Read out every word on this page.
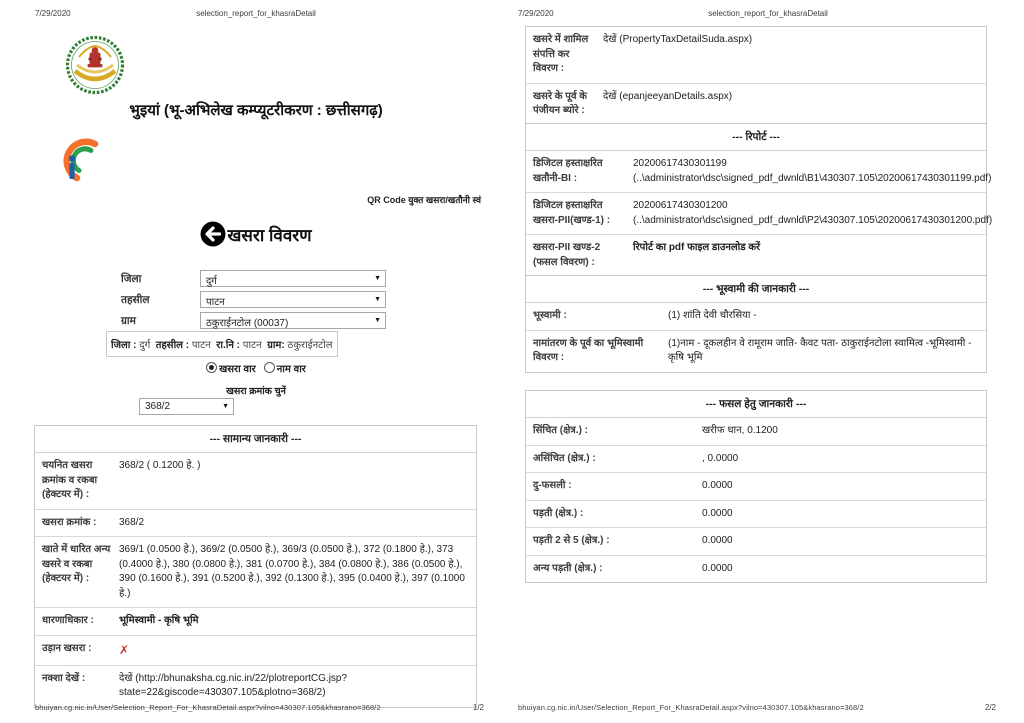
7/29/2020	selection_report_for_khasraDetail
भुइयां (भू-अभिलेख कम्प्यूटरीकरण : छत्तीसगढ़)
QR Code युक्त खसरा/खतौनी स्वं
खसरा विवरण
जिला	दुर्ग	▼
तहसील	पाटन	▼
ग्राम	ठकुराईनटोल (00037)	▼
जिला : दुर्ग तहसील : पाटन रा.नि : पाटन ग्राम: ठकुराईनटोल
खसरा वार नाम वार
खसरा क्रमांक चुनें
368/2	▼
--- सामान्य जानकारी ---
चयनित खसरा क्रमांक व रकबा (हेक्टयर में) :
368/2 ( 0.1200 हे. )
खसरा क्रमांक :	368/2
खाते में धारित अन्य खसरे व रकबा (हेक्टयर में) :
369/1 (0.0500 हे.), 369/2 (0.0500 हे.), 369/3 (0.0500 हे.), 372 (0.1800 हे.), 373 (0.4000 हे.), 380 (0.0800 हे.), 381 (0.0700 हे.), 384 (0.0800 हे.), 386 (0.0500 हे.), 390 (0.1600 हे.), 391 (0.5200 हे.), 392 (0.1300 हे.), 395 (0.0400 हे.), 397 (0.1000 हे.)
धारणाधिकार :	भूमिस्वामी - कृषि भूमि
उड़ान खसरा :	✗
नक्शा देखें :	देखें (http://bhunaksha.cg.nic.in/22/plotreportCG.jsp?state=22&giscode=430307.105&plotno=368/2)
bhuiyan.cg.nic.in/User/Selection_Report_For_KhasraDetail.aspx?vilno=430307.105&khasrano=368/2	1/2
7/29/2020	selection_report_for_khasraDetail
खसरे में शामिल संपत्ति कर विवरण :
देखें (PropertyTaxDetailSuda.aspx)
खसरे के पूर्व के पंजीयन ब्योरे :
देखें (epanjeeyanDetails.aspx)
--- रिपोर्ट ---
डिजिटल हस्ताक्षरित खतौनी-BI :
20200617430301199
(..\administrator\dsc\signed_pdf_dwnld\B1\430307.105\20200617430301199.pdf)
डिजिटल हस्ताक्षरित खसरा-PII(खण्ड-1) :
20200617430301200
(..\administrator\dsc\signed_pdf_dwnld\P2\430307.105\20200617430301200.pdf)
खसरा-PII खण्ड-2 (फसल विवरण) :
रिपोर्ट का pdf फाइल डाउनलोड करें
--- भूस्वामी की जानकारी ---
भूस्वामी :	(1) शांति देवी चौरसिया -
नामांतरण के पूर्व का भूमिस्वामी विवरण :
(1)नाम - दूकलहीन वे रामूराम जाति- कैवट पता- ठाकुराईनटोला स्वामित्व -भूमिस्वामी - कृषि भूमि
--- फसल हेतु जानकारी ---
सिंचित (क्षेत्र.) :	खरीफ धान, 0.1200
असिंचित (क्षेत्र.) :	, 0.0000
दु-फसली :	0.0000
पड़ती (क्षेत्र.) :	0.0000
पड़ती 2 से 5 (क्षेत्र.) :	0.0000
अन्य पड़ती (क्षेत्र.) :	0.0000
bhuiyan.cg.nic.in/User/Selection_Report_For_KhasraDetail.aspx?vilno=430307.105&khasrano=368/2	2/2
